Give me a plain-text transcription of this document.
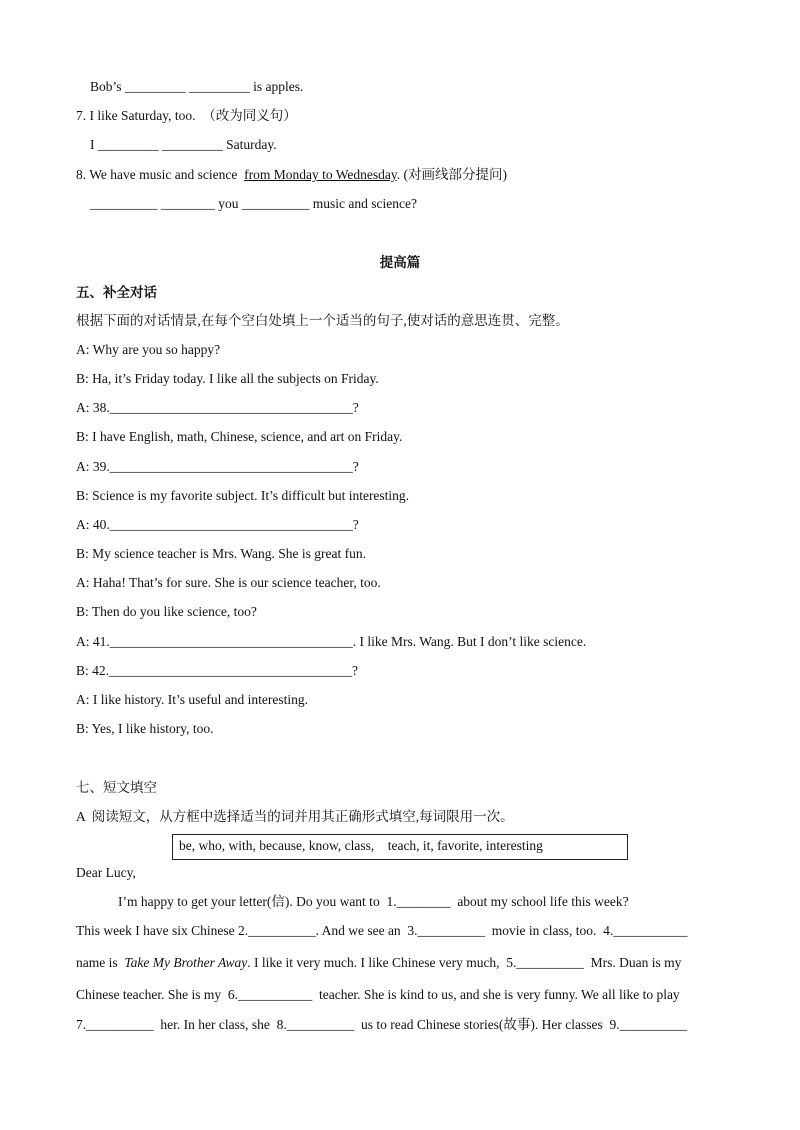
Bob’s _________ _________ is apples.
7. I like Saturday, too.  （改为同义句）
I _________ _________ Saturday.
8. We have music and science  from Monday to Wednesday. (对画线部分提问)
__________ ________ you __________ music and science?
提高篇
五、补全对话
根据下面的对话情景,在每个空白处填上一个适当的句子,使对话的意思连贯、完整。
A: Why are you so happy?
B: Ha, it’s Friday today. I like all the subjects on Friday.
A: 38.____________________________________?
B: I have English, math, Chinese, science, and art on Friday.
A: 39.____________________________________?
B: Science is my favorite subject. It’s difficult but interesting.
A: 40.____________________________________?
B: My science teacher is Mrs. Wang. She is great fun.
A: Haha! That’s for sure. She is our science teacher, too.
B: Then do you like science, too?
A: 41.____________________________________. I like Mrs. Wang. But I don’t like science.
B: 42.____________________________________?
A: I like history. It’s useful and interesting.
B: Yes, I like history, too.
七、短文填空
A  阅读短文，从方框中选择适当的词并用其正确形式填空,每词限用一次。
be, who, with, because, know, class,    teach, it, favorite, interesting
Dear Lucy,
I’m happy to get your letter(信). Do you want to  1.________  about my school life this week?
This week I have six Chinese 2.__________. And we see an  3.__________  movie in class, too.  4.___________
name is  Take My Brother Away. I like it very much. I like Chinese very much,  5.__________  Mrs. Duan is my
Chinese teacher. She is my  6.___________  teacher. She is kind to us, and she is very funny. We all like to play
7.__________  her. In her class, she  8.__________  us to read Chinese stories(故事). Her classes  9.__________
